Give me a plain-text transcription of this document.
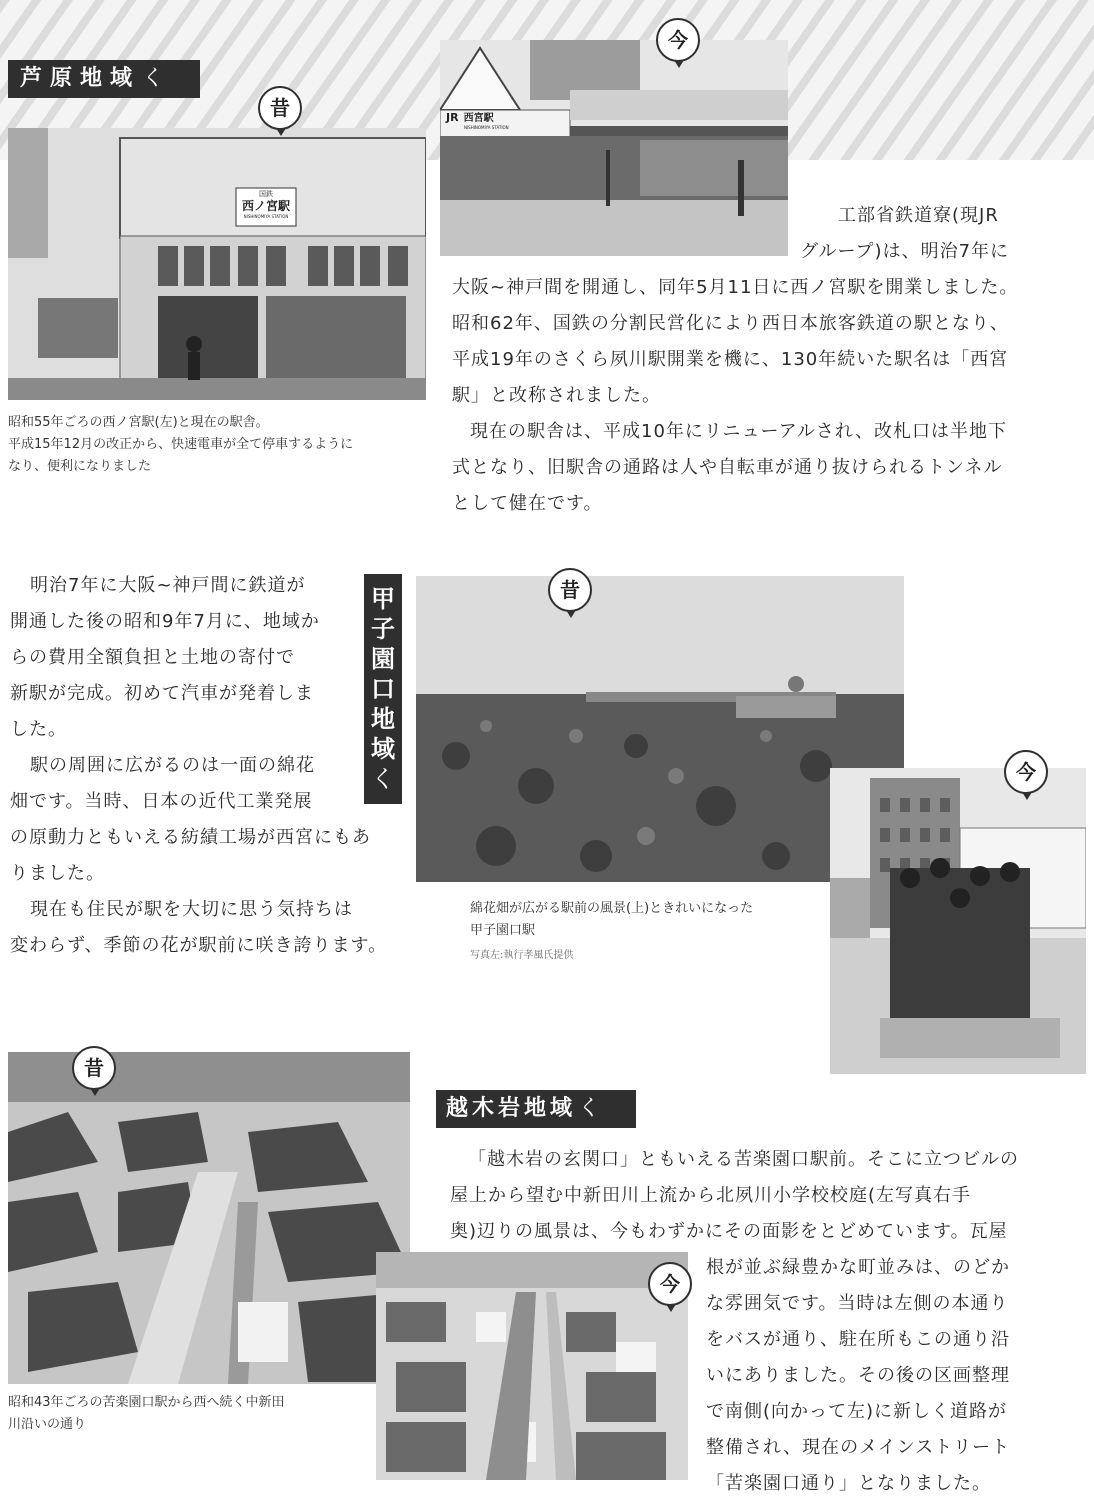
芦原地域く
国鉄
西ノ宮駅
NISHINOMIYA STATION
昔	JR 西宮駅
NISHINOMIYA STATION
今
昭和55年ごろの西ノ宮駅(左)と現在の駅舎。
平成15年12月の改正から、快速電車が全て停車するように
なり、便利になりました

工部省鉄道寮(現JR

グループ)は、明治7年に

大阪~神戸間を開通し、同年5月11日に西ノ宮駅を開業しました。

昭和62年、国鉄の分割民営化により西日本旅客鉄道の駅となり、

平成19年のさくら夙川駅開業を機に、130年続いた駅名は「西宮

駅」と改称されました。

現在の駅舎は、平成10年にリニューアルされ、改札口は半地下

式となり、旧駅舎の通路は人や自転車が通り抜けられるトンネル

として健在です。

明治7年に大阪~神戸間に鉄道が

開通した後の昭和9年7月に、地域か

らの費用全額負担と土地の寄付で

新駅が完成。初めて汽車が発着しま

した。

駅の周囲に広がるのは一面の綿花

畑です。当時、日本の近代工業発展

の原動力ともいえる紡績工場が西宮にもあ

りました。

現在も住民が駅を大切に思う気持ちは

変わらず、季節の花が駅前に咲き誇ります。

甲
子
園
口
地
域
く
昔
綿花畑が広がる駅前の風景(上)ときれいになった
甲子園口駅
写真左:執行孝風氏提供
今
昔
昭和43年ごろの苦楽園口駅から西へ続く中新田
川沿いの通り
今
越木岩地域く

「越木岩の玄関口」ともいえる苦楽園口駅前。そこに立つビルの

屋上から望む中新田川上流から北夙川小学校校庭(左写真右手

奥)辺りの風景は、今もわずかにその面影をとどめています。瓦屋

根が並ぶ緑豊かな町並みは、のどか

な雰囲気です。当時は左側の本通り

をバスが通り、駐在所もこの通り沿

いにありました。その後の区画整理

で南側(向かって左)に新しく道路が

整備され、現在のメインストリート

「苦楽園口通り」となりました。
